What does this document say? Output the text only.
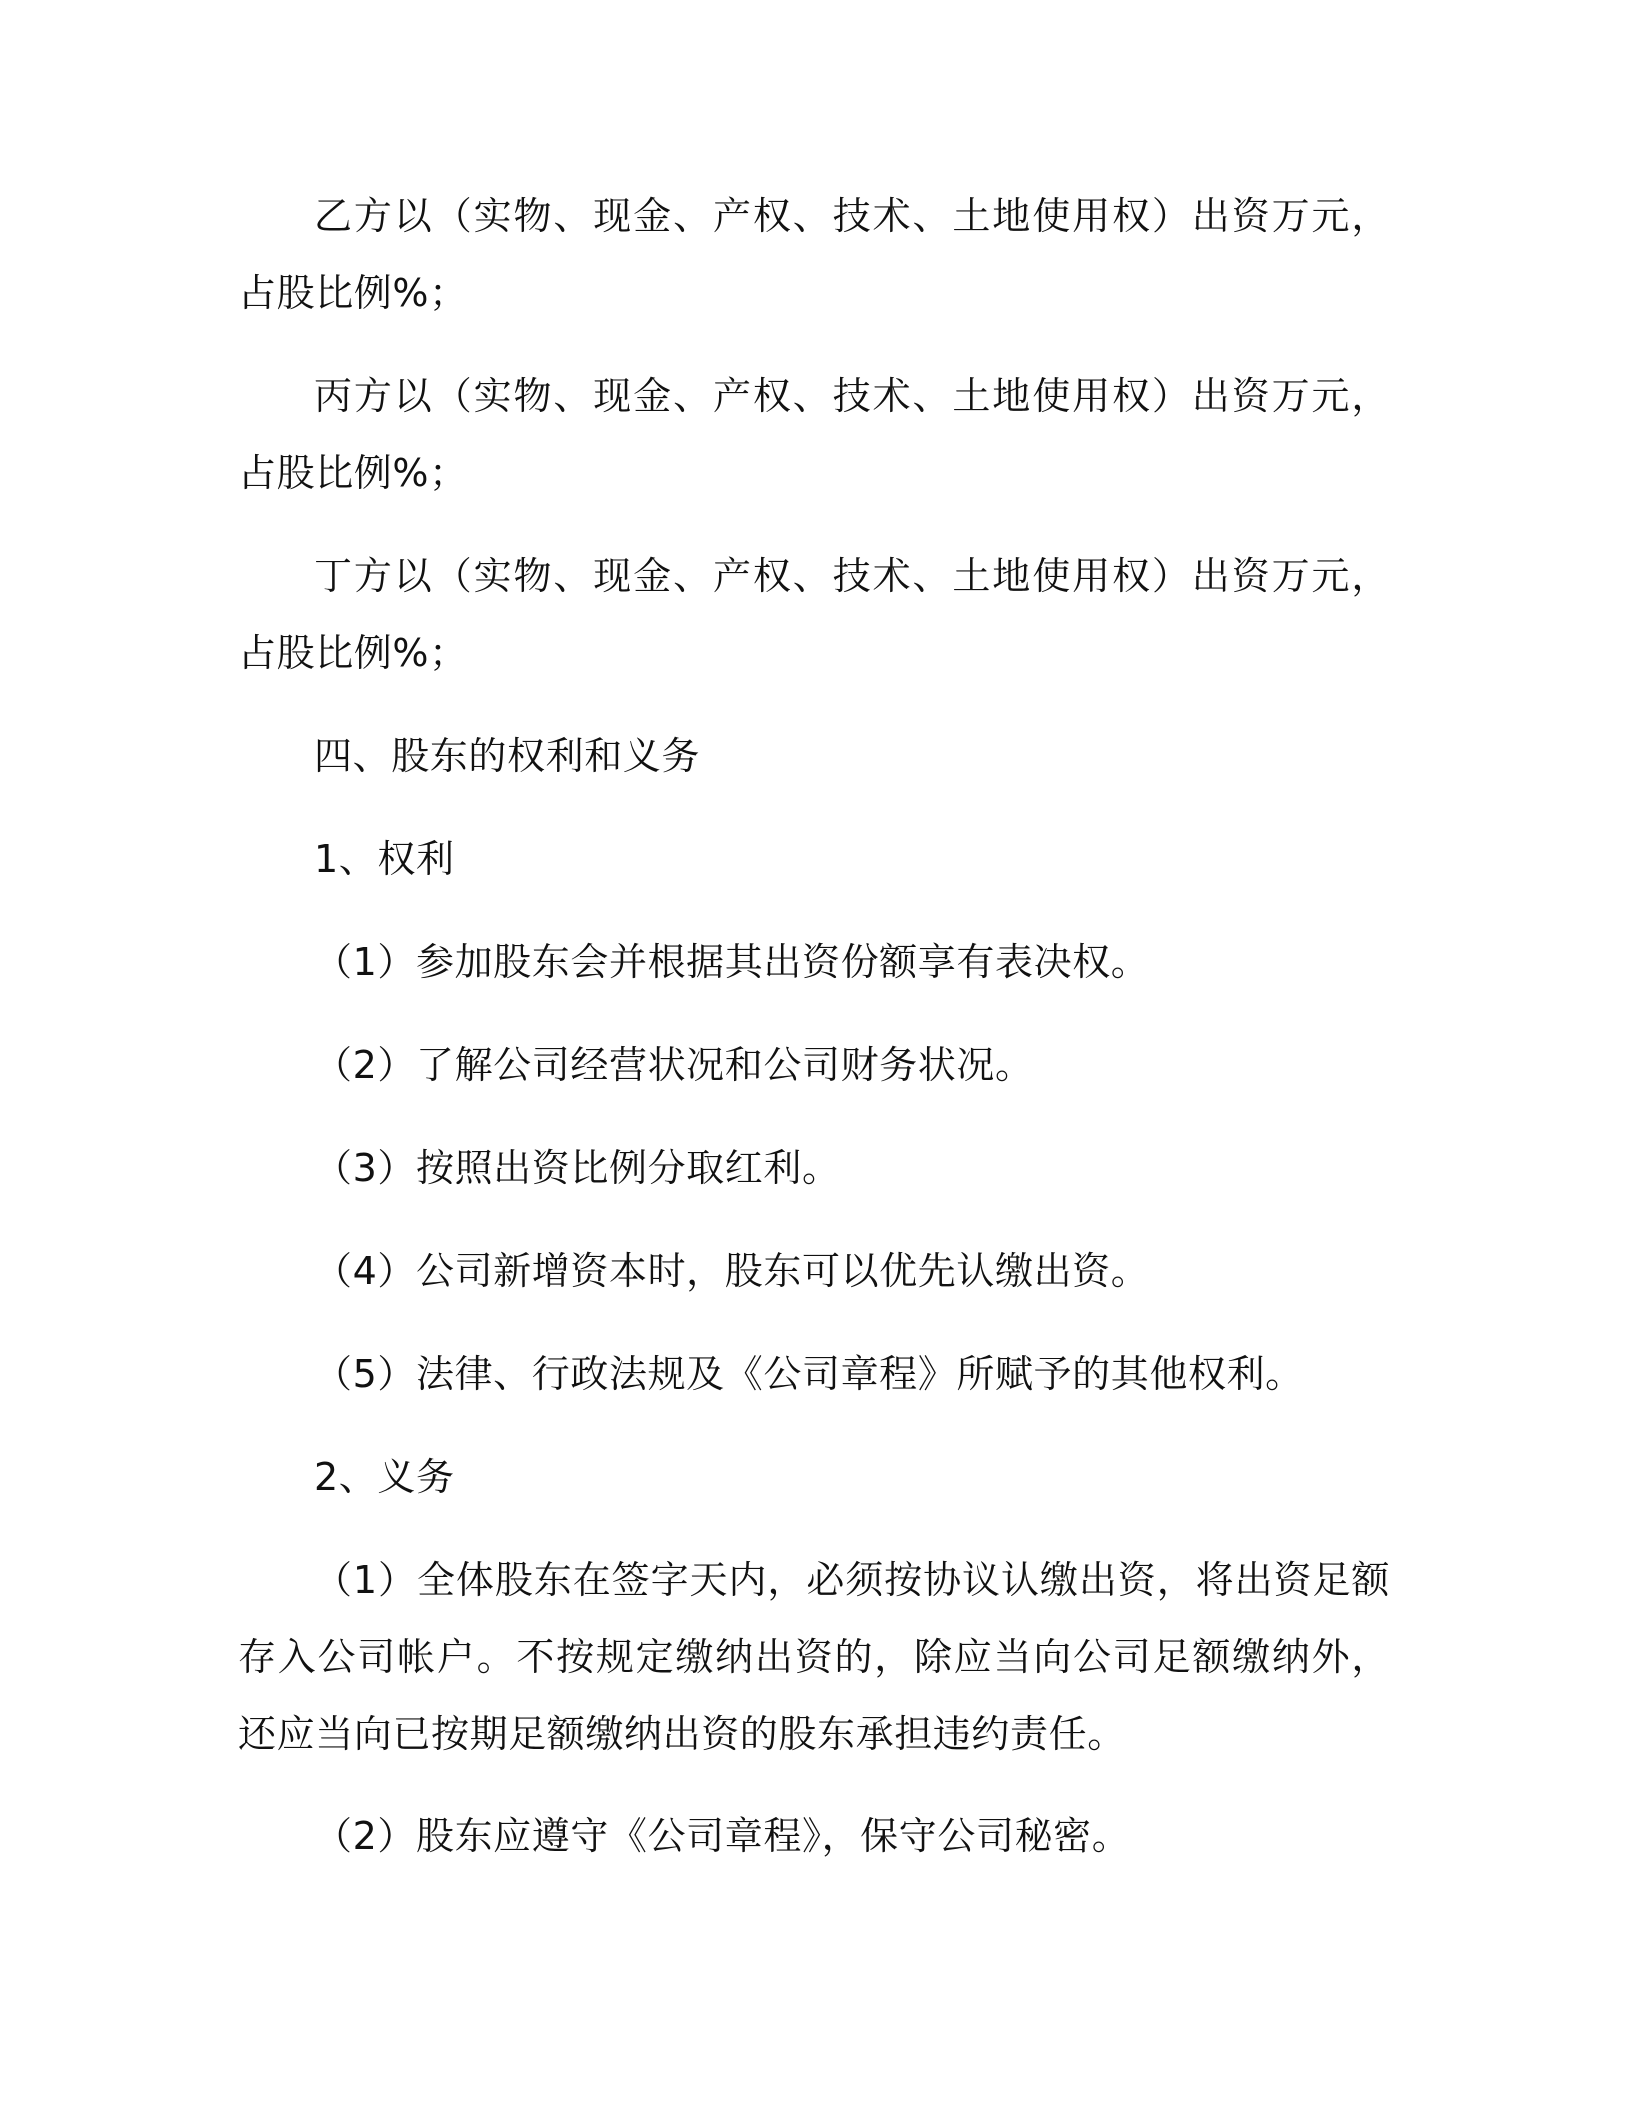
乙方以（实物、现金、产权、技术、土地使用权）出资万元，占股比例%；

丙方以（实物、现金、产权、技术、土地使用权）出资万元，占股比例%；

丁方以（实物、现金、产权、技术、土地使用权）出资万元，占股比例%；

四、股东的权利和义务

1、权利

（1）参加股东会并根据其出资份额享有表决权。

（2）了解公司经营状况和公司财务状况。

（3）按照出资比例分取红利。

（4）公司新增资本时，股东可以优先认缴出资。

（5）法律、行政法规及《公司章程》所赋予的其他权利。

2、义务

（1）全体股东在签字天内，必须按协议认缴出资，将出资足额存入公司帐户。不按规定缴纳出资的，除应当向公司足额缴纳外，还应当向已按期足额缴纳出资的股东承担违约责任。

（2）股东应遵守《公司章程》，保守公司秘密。
